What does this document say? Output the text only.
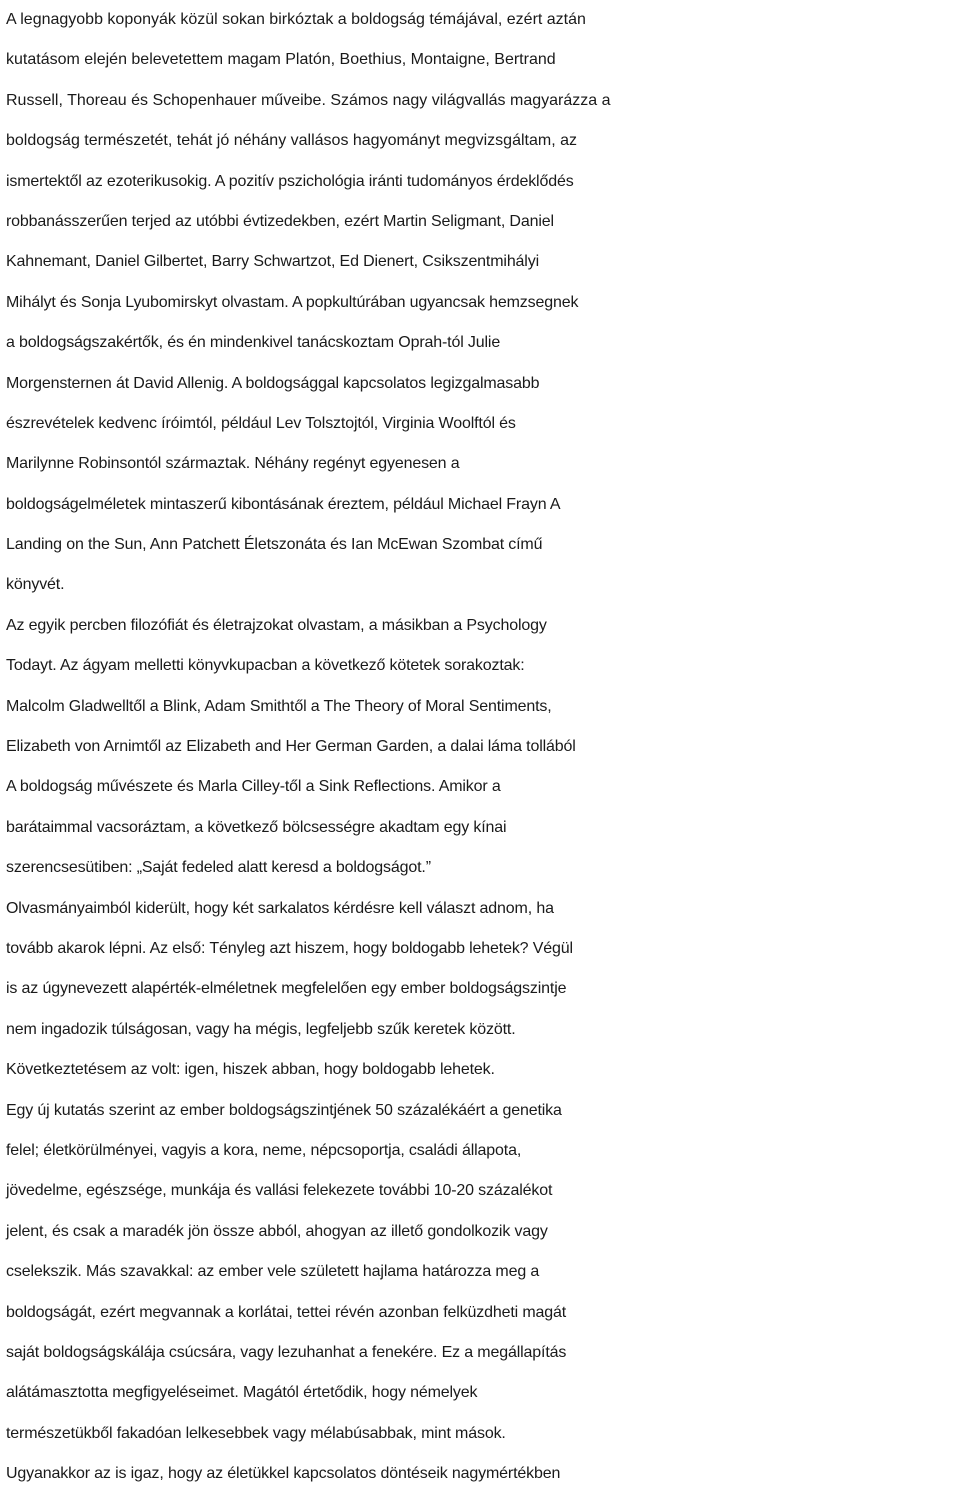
A legnagyobb koponyák közül sokan birkóztak a boldogság témájával, ezért aztán
kutatásom elején belevetettem magam Platón, Boethius, Montaigne, Bertrand
Russell, Thoreau és Schopenhauer műveibe. Számos nagy világvallás magyarázza a
boldogság természetét, tehát jó néhány vallásos hagyományt megvizsgáltam, az
ismertektől az ezoterikusokig. A pozitív pszichológia iránti tudományos érdeklődés
robbanásszerűen terjed az utóbbi évtizedekben, ezért Martin Seligmant, Daniel
Kahnemant, Daniel Gilbertet, Barry Schwartzot, Ed Dienert, Csikszentmihályi
Mihályt és Sonja Lyubomirskyt olvastam. A popkultúrában ugyancsak hemzsegnek
a boldogságszakértők, és én mindenkivel tanácskoztam Oprah-tól Julie
Morgensternen át David Allenig. A boldogsággal kapcsolatos legizgalmasabb
észrevételek kedvenc íróimtól, például Lev Tolsztojtól, Virginia Woolftól és
Marilynne Robinsontól származtak. Néhány regényt egyenesen a
boldogságelméletek mintaszerű kibontásának éreztem, például Michael Frayn A
Landing on the Sun, Ann Patchett Életszonáta és Ian McEwan Szombat című
könyvét.
Az egyik percben filozófiát és életrajzokat olvastam, a másikban a Psychology
Todayt. Az ágyam melletti könyvkupacban a következő kötetek sorakoztak:
Malcolm Gladwelltől a Blink, Adam Smithtől a The Theory of Moral Sentiments,
Elizabeth von Arnimtől az Elizabeth and Her German Garden, a dalai láma tollából
A boldogság művészete és Marla Cilley-től a Sink Reflections. Amikor a
barátaimmal vacsoráztam, a következő bölcsességre akadtam egy kínai
szerencsesütiben: „Saját fedeled alatt keresd a boldogságot.”
Olvasmányaimból kiderült, hogy két sarkalatos kérdésre kell választ adnom, ha
tovább akarok lépni. Az első: Tényleg azt hiszem, hogy boldogabb lehetek? Végül
is az úgynevezett alapérték-elméletnek megfelelően egy ember boldogságszintje
nem ingadozik túlságosan, vagy ha mégis, legfeljebb szűk keretek között.
Következtetésem az volt: igen, hiszek abban, hogy boldogabb lehetek.
Egy új kutatás szerint az ember boldogságszintjének 50 százalékáért a genetika
felel; életkörülményei, vagyis a kora, neme, népcsoportja, családi állapota,
jövedelme, egészsége, munkája és vallási felekezete további 10-20 százalékot
jelent, és csak a maradék jön össze abból, ahogyan az illető gondolkozik vagy
cselekszik. Más szavakkal: az ember vele született hajlama határozza meg a
boldogságát, ezért megvannak a korlátai, tettei révén azonban felküzdheti magát
saját boldogságskálája csúcsára, vagy lezuhanhat a fenekére. Ez a megállapítás
alátámasztotta megfigyeléseimet. Magától értetődik, hogy némelyek
természetükből fakadóan lelkesebbek vagy mélabúsabbak, mint mások.
Ugyanakkor az is igaz, hogy az életükkel kapcsolatos döntéseik nagymértékben
